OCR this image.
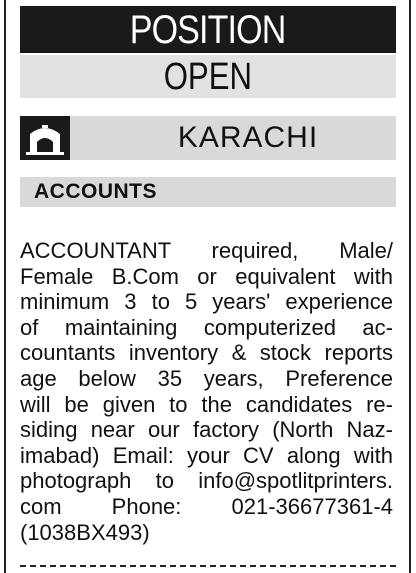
POSITION
OPEN
KARACHI
ACCOUNTS
ACCOUNTANT required, Male/
Female B.Com or equivalent with
minimum 3 to 5 years' experience
of maintaining computerized ac-
countants inventory & stock reports
age below 35 years, Preference
will be given to the candidates re-
siding near our factory (North Naz-
imabad) Email: your CV along with
photograph to info@spotlitprinters.
com Phone: 021-36677361-4
(1038BX493)
